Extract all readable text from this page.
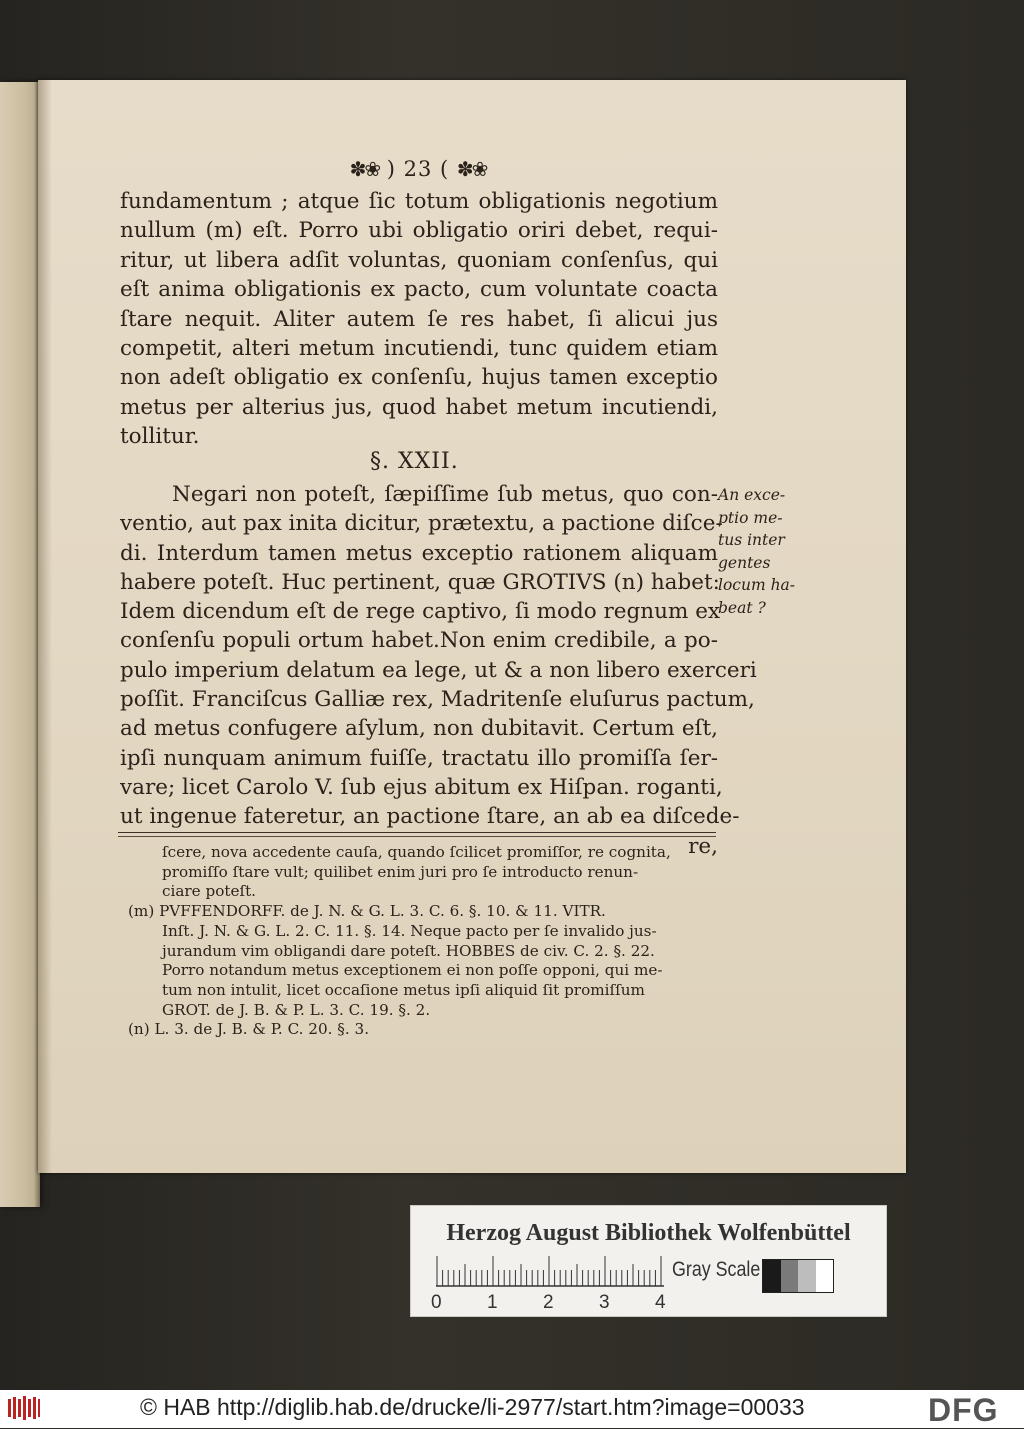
✽❀ ) 23 ( ✽❀
fundamentum ; atque ſic totum obligationis negotium
nullum (m) eſt. Porro ubi obligatio oriri debet, requi-
ritur, ut libera adſit voluntas, quoniam conſenſus, qui
eſt anima obligationis ex pacto, cum voluntate coacta
ſtare nequit. Aliter autem ſe res habet, ſi alicui jus
competit, alteri metum incutiendi, tunc quidem etiam
non adeſt obligatio ex conſenſu, hujus tamen exceptio
metus per alterius jus, quod habet metum incutiendi,
tollitur.
§. XXII.
Negari non poteſt, ſæpiſſime ſub metus, quo con-
ventio, aut pax inita dicitur, prætextu, a pactione diſce-
di. Interdum tamen metus exceptio rationem aliquam
habere poteſt. Huc pertinent, quæ GROTIVS (n) habet:
Idem dicendum eſt de rege captivo, ſi modo regnum ex
conſenſu populi ortum habet.Non enim credibile, a po-
pulo imperium delatum ea lege, ut & a non libero exerceri
poſſit. Franciſcus Galliæ rex, Madritenſe eluſurus pactum,
ad metus confugere aſylum, non dubitavit. Certum eſt,
ipſi nunquam animum fuiſſe, tractatu illo promiſſa ſer-
vare; licet Carolo V. ſub ejus abitum ex Hiſpan. roganti,
ut ingenue fateretur, an pactione ſtare, an ab ea diſcede-
re,
An exce-
ptio me-
tus inter
gentes
locum ha-
beat ?
ſcere, nova accedente cauſa, quando ſcilicet promiſſor, re cognita,
promiſſo ſtare vult; quilibet enim juri pro ſe introducto renun-
ciare poteſt.
(m) PVFFENDORFF. de J. N. & G. L. 3. C. 6. §. 10. & 11. VITR.
Inſt. J. N. & G. L. 2. C. 11. §. 14. Neque pacto per ſe invalido jus-
jurandum vim obligandi dare poteſt. HOBBES de civ. C. 2. §. 22.
Porro notandum metus exceptionem ei non poſſe opponi, qui me-
tum non intulit, licet occaſione metus ipſi aliquid ſit promiſſum
GROT. de J. B. & P. L. 3. C. 19. §. 2.
(n) L. 3. de J. B. & P. C. 20. §. 3.
Herzog August Bibliothek Wolfenbüttel
0 1 2 3 4
Gray Scale
© HAB http://diglib.hab.de/drucke/li-2977/start.htm?image=00033	DFG
